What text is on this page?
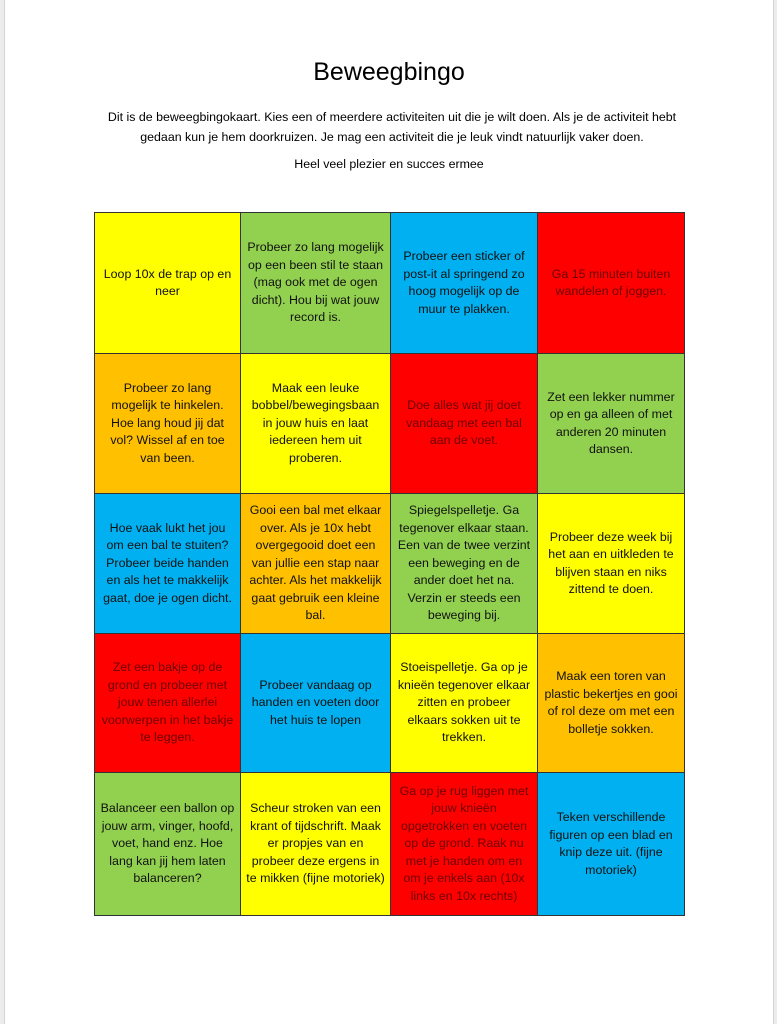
Beweegbingo
Dit is de beweegbingokaart. Kies een of meerdere activiteiten uit die je wilt doen. Als je de activiteit hebt gedaan kun je hem doorkruizen. Je mag een activiteit die je leuk vindt natuurlijk vaker doen.
Heel veel plezier en succes ermee
Loop 10x de trap op en neer
Probeer zo lang mogelijk op een been stil te staan (mag ook met de ogen dicht). Hou bij wat jouw record is.
Probeer een sticker of post-it al springend zo hoog mogelijk op de muur te plakken.
Ga 15 minuten buiten wandelen of joggen.
Probeer zo lang mogelijk te hinkelen. Hoe lang houd jij dat vol? Wissel af en toe van been.
Maak een leuke bobbel/bewegingsbaan in jouw huis en laat iedereen hem uit proberen.
Doe alles wat jij doet vandaag met een bal aan de voet.
Zet een lekker nummer op en ga alleen of met anderen 20 minuten dansen.
Hoe vaak lukt het jou om een bal te stuiten? Probeer beide handen en als het te makkelijk gaat, doe je ogen dicht.
Gooi een bal met elkaar over. Als je 10x hebt overgegooid doet een van jullie een stap naar achter. Als het makkelijk gaat gebruik een kleine bal.
Spiegelspelletje. Ga tegenover elkaar staan. Een van de twee verzint een beweging en de ander doet het na. Verzin er steeds een beweging bij.
Probeer deze week bij het aan en uitkleden te blijven staan en niks zittend te doen.
Zet een bakje op de grond en probeer met jouw tenen allerlei voorwerpen in het bakje te leggen.
Probeer vandaag op handen en voeten door het huis te lopen
Stoeispelletje. Ga op je knieën tegenover elkaar zitten en probeer elkaars sokken uit te trekken.
Maak een toren van plastic bekertjes en gooi of rol deze om met een bolletje sokken.
Balanceer een ballon op jouw arm, vinger, hoofd, voet, hand enz. Hoe lang kan jij hem laten balanceren?
Scheur stroken van een krant of tijdschrift. Maak er propjes van en probeer deze ergens in te mikken (fijne motoriek)
Ga op je rug liggen met jouw knieën opgetrokken en voeten op de grond. Raak nu met je handen om en om je enkels aan (10x links en 10x rechts)
Teken verschillende figuren op een blad en knip deze uit. (fijne motoriek)
